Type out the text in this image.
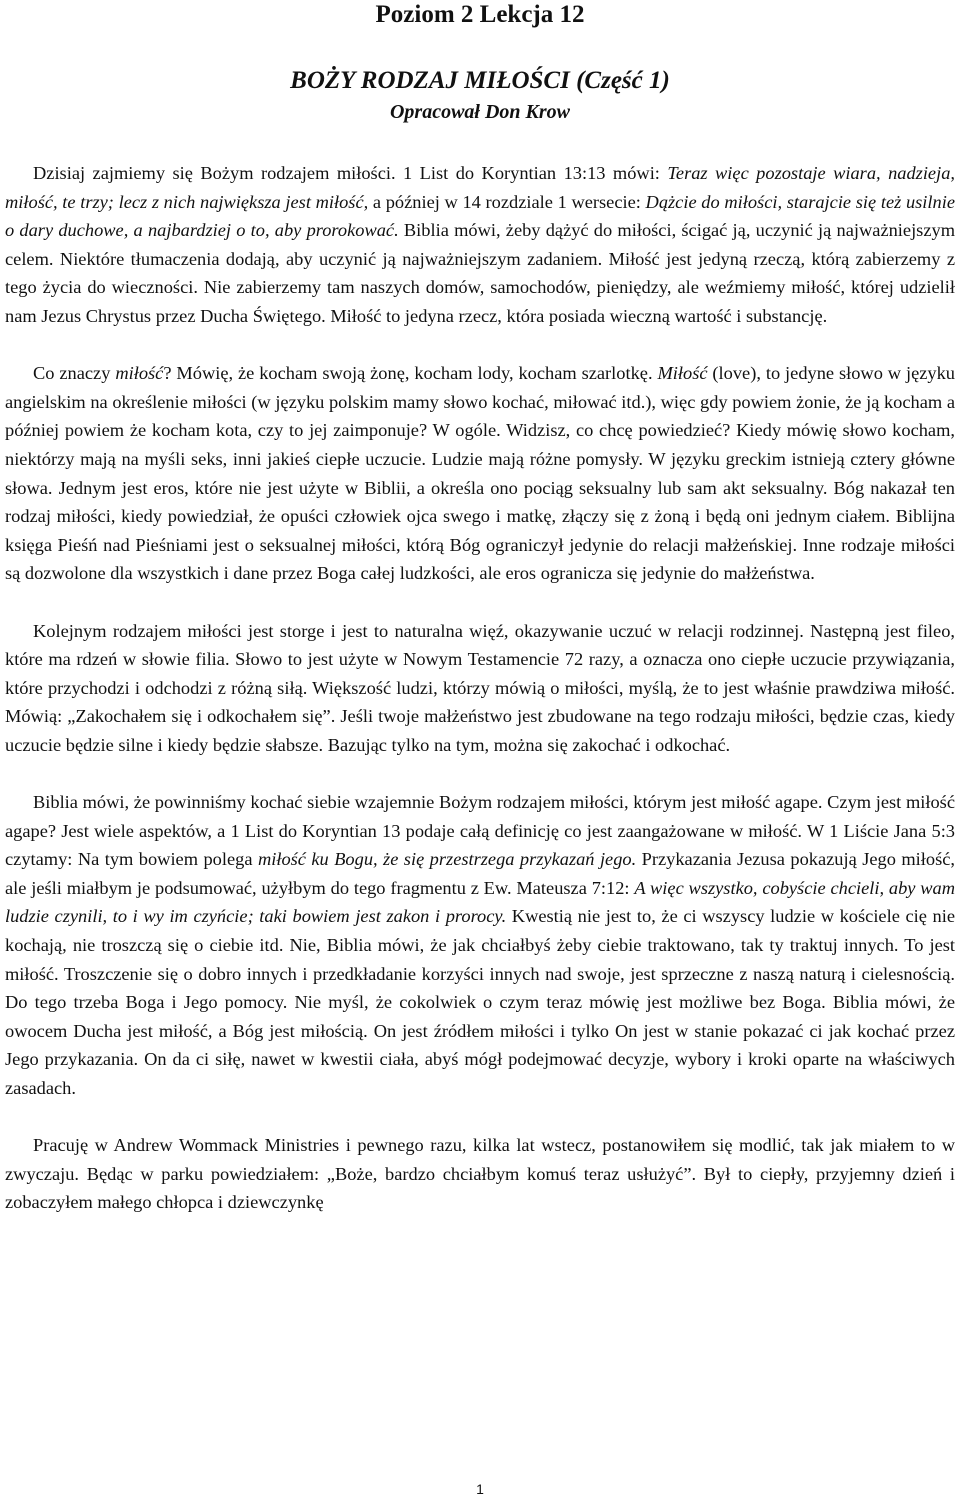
Poziom 2 Lekcja 12
BOŻY RODZAJ MIŁOŚCI (Część 1)
Opracował Don Krow

Dzisiaj zajmiemy się Bożym rodzajem miłości. 1 List do Koryntian 13:13 mówi: Teraz więc pozostaje wiara, nadzieja, miłość, te trzy; lecz z nich największa jest miłość, a później w 14 rozdziale 1 wersecie: Dążcie do miłości, starajcie się też usilnie o dary duchowe, a najbardziej o to, aby prorokować. Biblia mówi, żeby dążyć do miłości, ścigać ją, uczynić ją najważniejszym celem. Niektóre tłumaczenia dodają, aby uczynić ją najważniejszym zadaniem. Miłość jest jedyną rzeczą, którą zabierzemy z tego życia do wieczności. Nie zabierzemy tam naszych domów, samochodów, pieniędzy, ale weźmiemy miłość, której udzielił nam Jezus Chrystus przez Ducha Świętego. Miłość to jedyna rzecz, która posiada wieczną wartość i substancję.

Co znaczy miłość? Mówię, że kocham swoją żonę, kocham lody, kocham szarlotkę. Miłość (love), to jedyne słowo w języku angielskim na określenie miłości (w języku polskim mamy słowo kochać, miłować itd.), więc gdy powiem żonie, że ją kocham a później powiem że kocham kota, czy to jej zaimponuje? W ogóle. Widzisz, co chcę powiedzieć? Kiedy mówię słowo kocham, niektórzy mają na myśli seks, inni jakieś ciepłe uczucie. Ludzie mają różne pomysły. W języku greckim istnieją cztery główne słowa. Jednym jest eros, które nie jest użyte w Biblii, a określa ono pociąg seksualny lub sam akt seksualny. Bóg nakazał ten rodzaj miłości, kiedy powiedział, że opuści człowiek ojca swego i matkę, złączy się z żoną i będą oni jednym ciałem. Biblijna księga Pieśń nad Pieśniami jest o seksualnej miłości, którą Bóg ograniczył jedynie do relacji małżeńskiej. Inne rodzaje miłości są dozwolone dla wszystkich i dane przez Boga całej ludzkości, ale eros ogranicza się jedynie do małżeństwa.

Kolejnym rodzajem miłości jest storge i jest to naturalna więź, okazywanie uczuć w relacji rodzinnej. Następną jest fileo, które ma rdzeń w słowie filia. Słowo to jest użyte w Nowym Testamencie 72 razy, a oznacza ono ciepłe uczucie przywiązania, które przychodzi i odchodzi z różną siłą. Większość ludzi, którzy mówią o miłości, myślą, że to jest właśnie prawdziwa miłość. Mówią: „Zakochałem się i odkochałem się”. Jeśli twoje małżeństwo jest zbudowane na tego rodzaju miłości, będzie czas, kiedy uczucie będzie silne i kiedy będzie słabsze. Bazując tylko na tym, można się zakochać i odkochać.

Biblia mówi, że powinniśmy kochać siebie wzajemnie Bożym rodzajem miłości, którym jest miłość agape. Czym jest miłość agape? Jest wiele aspektów, a 1 List do Koryntian 13 podaje całą definicję co jest zaangażowane w miłość. W 1 Liście Jana 5:3 czytamy: Na tym bowiem polega miłość ku Bogu, że się przestrzega przykazań jego. Przykazania Jezusa pokazują Jego miłość, ale jeśli miałbym je podsumować, użyłbym do tego fragmentu z Ew. Mateusza 7:12: A więc wszystko, cobyście chcieli, aby wam ludzie czynili, to i wy im czyńcie; taki bowiem jest zakon i prorocy. Kwestią nie jest to, że ci wszyscy ludzie w kościele cię nie kochają, nie troszczą się o ciebie itd. Nie, Biblia mówi, że jak chciałbyś żeby ciebie traktowano, tak ty traktuj innych. To jest miłość. Troszczenie się o dobro innych i przedkładanie korzyści innych nad swoje, jest sprzeczne z naszą naturą i cielesnością. Do tego trzeba Boga i Jego pomocy. Nie myśl, że cokolwiek o czym teraz mówię jest możliwe bez Boga. Biblia mówi, że owocem Ducha jest miłość, a Bóg jest miłością. On jest źródłem miłości i tylko On jest w stanie pokazać ci jak kochać przez Jego przykazania. On da ci siłę, nawet w kwestii ciała, abyś mógł podejmować decyzje, wybory i kroki oparte na właściwych zasadach.

Pracuję w Andrew Wommack Ministries i pewnego razu, kilka lat wstecz, postanowiłem się modlić, tak jak miałem to w zwyczaju. Będąc w parku powiedziałem: „Boże, bardzo chciałbym komuś teraz usłużyć”. Był to ciepły, przyjemny dzień i zobaczyłem małego chłopca i dziewczynkę

1
